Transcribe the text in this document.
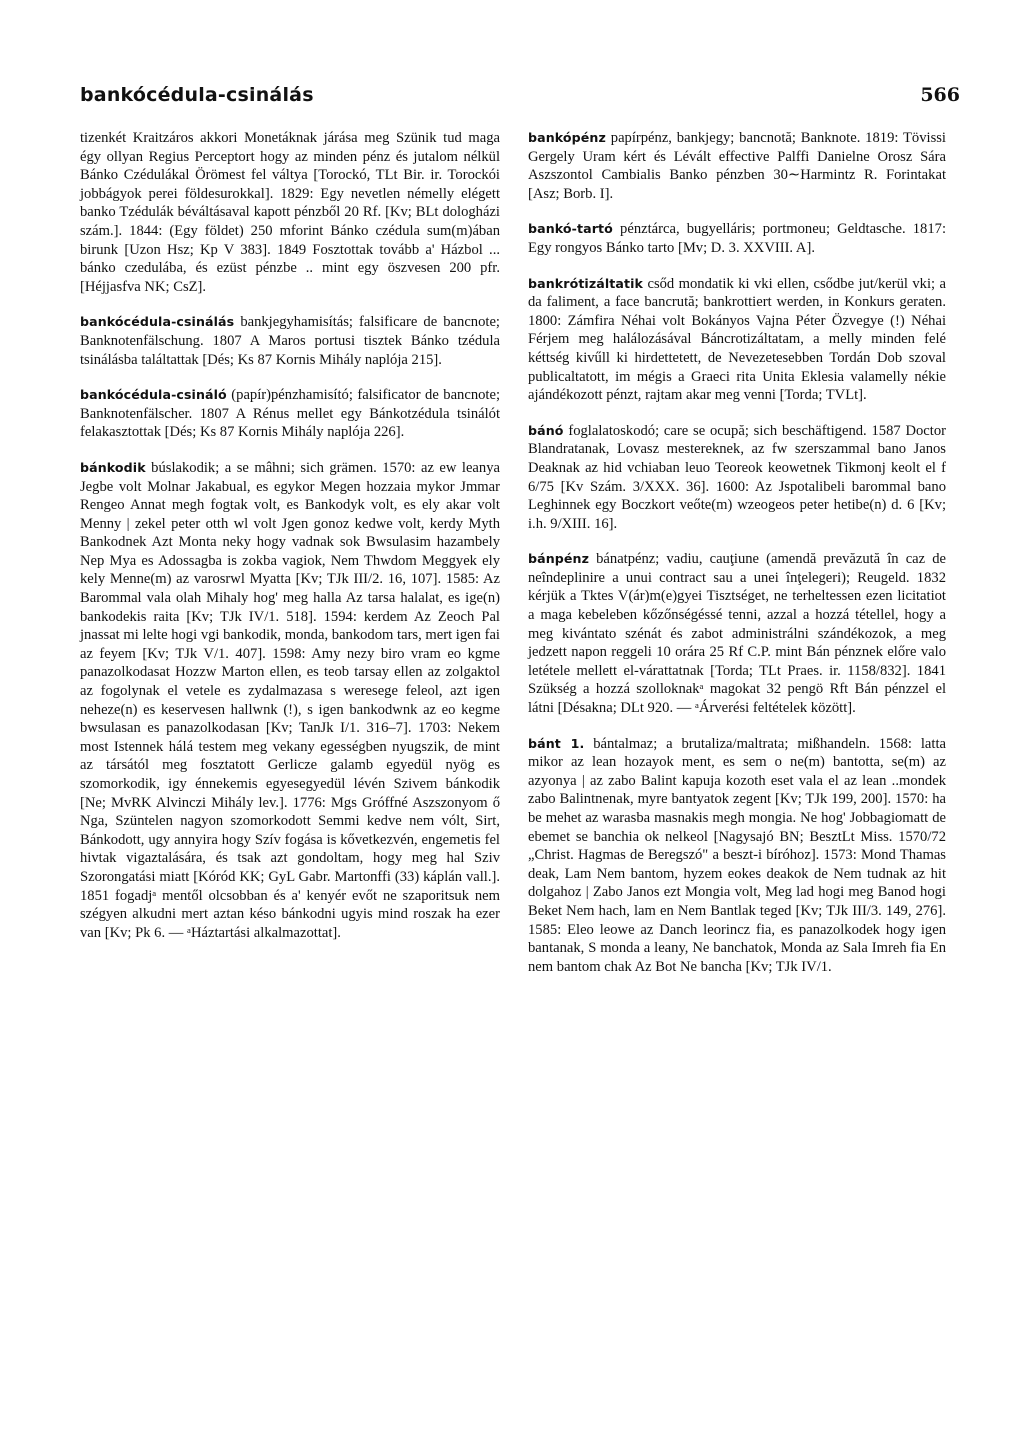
bankócédula-csinálás	566

tizenkét Kraitzáros akkori Monetáknak járása meg Szünik tud maga égy ollyan Regius Perceptort hogy az minden pénz és jutalom nélkül Bánko Czédulákal Örömest fel váltya [Torockó, TLt Bir. ir. Torockói jobbágyok perei földesurokkal]. 1829: Egy nevetlen némelly elégett banko Tzédulák béváltásaval kapott pénzből 20 Rf. [Kv; BLt dologházi szám.]. 1844: (Egy földet) 250 mforint Bánko czédula sum(m)ában birunk [Uzon Hsz; Kp V 383]. 1849 Fosztottak tovább a' Házbol ... bánko czedulába, és ezüst pénzbe .. mint egy öszvesen 200 pfr. [Héjjasfva NK; CsZ].

bankócédula-csinálás bankjegyhamisítás; falsificare de bancnote; Banknotenfälschung. 1807 A Maros portusi tisztek Bánko tzédula tsinálásba találtattak [Dés; Ks 87 Kornis Mihály naplója 215].

bankócédula-csináló (papír)pénzhamisító; falsificator de bancnote; Banknotenfälscher. 1807 A Rénus mellet egy Bánkotzédula tsinálót felakasztottak [Dés; Ks 87 Kornis Mihály naplója 226].

bánkodik búslakodik; a se mâhni; sich grämen. 1570: az ew leanya Jegbe volt Molnar Jakabual, es egykor Megen hozzaia mykor Jmmar Rengeo Annat megh fogtak volt, es Bankodyk volt, es ely akar volt Menny | zekel peter otth wl volt Jgen gonoz kedwe volt, kerdy Myth Bankodnek Azt Monta neky hogy vadnak sok Bwsulasim hazambely Nep Mya es Adossagba is zokba vagiok, Nem Thwdom Meggyek ely kely Menne(m) az varosrwl Myatta [Kv; TJk III/2. 16, 107]. 1585: Az Barommal vala olah Mihaly hog' meg halla Az tarsa halalat, es ige(n) bankodekis raita [Kv; TJk IV/1. 518]. 1594: kerdem Az Zeoch Pal jnassat mi lelte hogi vgi bankodik, monda, bankodom tars, mert igen fai az feyem [Kv; TJk V/1. 407]. 1598: Amy nezy biro vram eo kgme panazolkodasat Hozzw Marton ellen, es teob tarsay ellen az zolgaktol az fogolynak el vetele es zydalmazasa s weresege feleol, azt igen neheze(n) es keservesen hallwnk (!), s igen bankodwnk az eo kegme bwsulasan es panazolkodasan [Kv; TanJk I/1. 316–7]. 1703: Nekem most Istennek hálá testem meg vekany egességben nyugszik, de mint az társától meg fosztatott Gerlicze galamb egyedül nyög es szomorkodik, igy énnekemis egyesegyedül lévén Szivem bánkodik [Ne; MvRK Alvinczi Mihály lev.]. 1776: Mgs Gróffné Aszszonyom ő Nga, Szüntelen nagyon szomorkodott Semmi kedve nem vólt, Sirt, Bánkodott, ugy annyira hogy Szív fogása is kővetkezvén, engemetis fel hivtak vigaztalására, és tsak azt gondoltam, hogy meg hal Sziv Szorongatási miatt [Kóród KK; GyL Gabr. Martonffi (33) káplán vall.]. 1851 fogadjᵃ mentől olcsobban és a' kenyér evőt ne szaporitsuk nem szégyen alkudni mert aztan késo bánkodni ugyis mind roszak ha ezer van [Kv; Pk 6. — ᵃHáztartási alkalmazottat].

bankópénz papírpénz, bankjegy; bancnotă; Banknote. 1819: Tövissi Gergely Uram kért és Lévált effective Palffi Danielne Orosz Sára Aszszontol Cambialis Banko pénzben 30∼Harmintz R. Forintakat [Asz; Borb. I].

bankó-tartó pénztárca, bugyelláris; portmoneu; Geldtasche. 1817: Egy rongyos Bánko tarto [Mv; D. 3. XXVIII. A].

bankrótizáltatik csőd mondatik ki vki ellen, csődbe jut/kerül vki; a da faliment, a face bancrută; bankrottiert werden, in Konkurs geraten. 1800: Zámfira Néhai volt Bokányos Vajna Péter Özvegye (!) Néhai Férjem meg halálozásával Báncrotizáltatam, a melly minden felé kéttség kivűll ki hirdettetett, de Nevezetesebben Tordán Dob szoval publicaltatott, im mégis a Graeci rita Unita Eklesia valamelly nékie ajándékozott pénzt, rajtam akar meg venni [Torda; TVLt].

bánó foglalatoskodó; care se ocupă; sich beschäftigend. 1587 Doctor Blandratanak, Lovasz mestereknek, az fw szerszammal bano Janos Deaknak az hid vchiaban leuo Teoreok keowetnek Tikmonj keolt el f 6/75 [Kv Szám. 3/XXX. 36]. 1600: Az Jspotalibeli barommal bano Leghinnek egy Boczkort veőte(m) wzeogeos peter hetibe(n) d. 6 [Kv; i.h. 9/XIII. 16].

bánpénz bánatpénz; vadiu, cauţiune (amendă prevăzută în caz de neîndeplinire a unui contract sau a unei înţelegeri); Reugeld. 1832 kérjük a Tktes V(ár)m(e)gyei Tisztséget, ne terheltessen ezen licitatiot a maga kebeleben kőzőnségéssé tenni, azzal a hozzá tétellel, hogy a meg kivántato szénát és zabot administrálni szándékozok, a meg jedzett napon reggeli 10 orára 25 Rf C.P. mint Bán pénznek előre valo letétele mellett el-várattatnak [Torda; TLt Praes. ir. 1158/832]. 1841 Szükség a hozzá szolloknakᵃ magokat 32 pengö Rft Bán pénzzel el látni [Désakna; DLt 920. — ᵃÁrverési feltételek között].

bánt 1. bántalmaz; a brutaliza/maltrata; mißhandeln. 1568: latta mikor az lean hozayok ment, es sem o ne(m) bantotta, se(m) az azyonya | az zabo Balint kapuja kozoth eset vala el az lean ..mondek zabo Balintnenak, myre bantyatok zegent [Kv; TJk 199, 200]. 1570: ha be mehet az warasba masnakis megh mongia. Ne hog' Jobbagiomatt de ebemet se banchia ok nelkeol [Nagysajó BN; BesztLt Miss. 1570/72 „Christ. Hagmas de Beregszó" a beszt-i bíróhoz]. 1573: Mond Thamas deak, Lam Nem bantom, hyzem eokes deakok de Nem tudnak az hit dolgahoz | Zabo Janos ezt Mongia volt, Meg lad hogi meg Banod hogi Beket Nem hach, lam en Nem Bantlak teged [Kv; TJk III/3. 149, 276]. 1585: Eleo leowe az Danch leorincz fia, es panazolkodek hogy igen bantanak, S monda a leany, Ne banchatok, Monda az Sala Imreh fia En nem bantom chak Az Bot Ne bancha [Kv; TJk IV/1.
